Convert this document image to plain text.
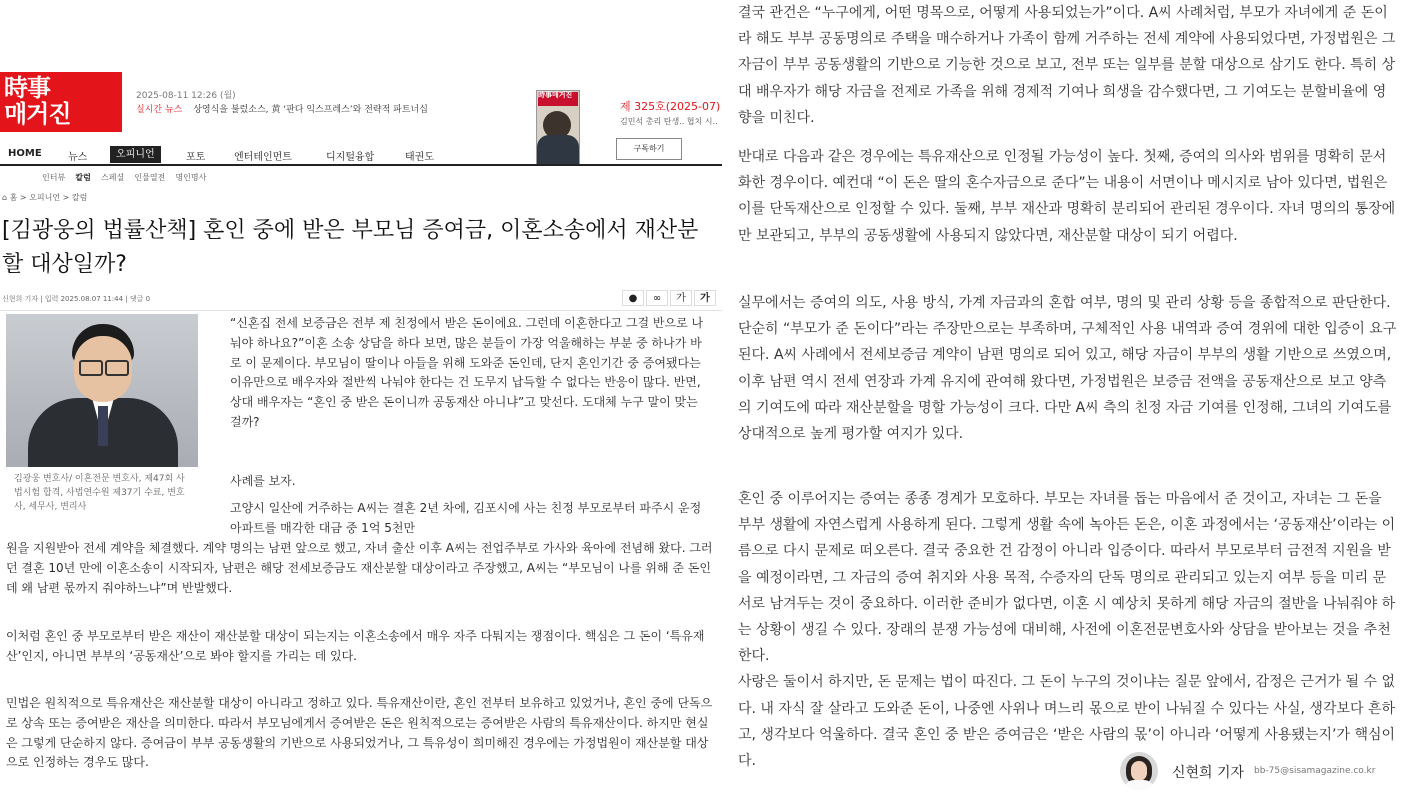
時事
매거진
2025-08-11 12:26 (월)
실시간 뉴스 상영식을 불렀소스, 黄 ‘판다 익스프레스’와 전략적 파트너십
時事매거진
제 325호(2025-07)
김민석 총리 탄생.. 협치 시..
구독하기
HOME	뉴스	오피니언	포토	엔터테인먼트	디지털융합	태권도
인터뷰 칼럼 스페셜 인물열전 명인명사
⌂ 홈 > 오피니언 > 칼럼
[김광웅의 법률산책] 혼인 중에 받은 부모님 증여금, 이혼소송에서 재산분할 대상일까?
신현희 기자 | 입력 2025.08.07 11:44 | 댓글 0	●	∞	가	가
김광웅 변호사/ 이혼전문 변호사, 제47회 사법시험 합격, 사법연수원 제37기 수료, 변호사, 세무사, 변리사

“신혼집 전세 보증금은 전부 제 친정에서 받은 돈이에요. 그런데 이혼한다고 그걸 반으로 나눠야 하나요?”이혼 소송 상담을 하다 보면, 많은 분들이 가장 억울해하는 부분 중 하나가 바로 이 문제이다. 부모님이 딸이나 아들을 위해 도와준 돈인데, 단지 혼인기간 중 증여됐다는 이유만으로 배우자와 절반씩 나눠야 한다는 건 도무지 납득할 수 없다는 반응이 많다. 반면, 상대 배우자는 “혼인 중 받은 돈이니까 공동재산 아니냐”고 맞선다. 도대체 누구 말이 맞는 걸까?

사례를 보자.

고양시 일산에 거주하는 A씨는 결혼 2년 차에, 김포시에 사는 친정 부모로부터 파주시 운정 아파트를 매각한 대금 중 1억 5천만

원을 지원받아 전세 계약을 체결했다. 계약 명의는 남편 앞으로 했고, 자녀 출산 이후 A씨는 전업주부로 가사와 육아에 전념해 왔다. 그러던 결혼 10년 만에 이혼소송이 시작되자, 남편은 해당 전세보증금도 재산분할 대상이라고 주장했고, A씨는 “부모님이 나를 위해 준 돈인데 왜 남편 몫까지 줘야하느냐”며 반발했다.

이처럼 혼인 중 부모로부터 받은 재산이 재산분할 대상이 되는지는 이혼소송에서 매우 자주 다퉈지는 쟁점이다. 핵심은 그 돈이 ‘특유재산’인지, 아니면 부부의 ‘공동재산’으로 봐야 할지를 가리는 데 있다.

민법은 원칙적으로 특유재산은 재산분할 대상이 아니라고 정하고 있다. 특유재산이란, 혼인 전부터 보유하고 있었거나, 혼인 중에 단독으로 상속 또는 증여받은 재산을 의미한다. 따라서 부모님에게서 증여받은 돈은 원칙적으로는 증여받은 사람의 특유재산이다. 하지만 현실은 그렇게 단순하지 않다. 증여금이 부부 공동생활의 기반으로 사용되었거나, 그 특유성이 희미해진 경우에는 가정법원이 재산분할 대상으로 인정하는 경우도 많다.

결국 관건은 “누구에게, 어떤 명목으로, 어떻게 사용되었는가”이다. A씨 사례처럼, 부모가 자녀에게 준 돈이라 해도 부부 공동명의로 주택을 매수하거나 가족이 함께 거주하는 전세 계약에 사용되었다면, 가정법원은 그 자금이 부부 공동생활의 기반으로 기능한 것으로 보고, 전부 또는 일부를 분할 대상으로 삼기도 한다. 특히 상대 배우자가 해당 자금을 전제로 가족을 위해 경제적 기여나 희생을 감수했다면, 그 기여도는 분할비율에 영향을 미친다.

반대로 다음과 같은 경우에는 특유재산으로 인정될 가능성이 높다. 첫째, 증여의 의사와 범위를 명확히 문서화한 경우이다. 예컨대 “이 돈은 딸의 혼수자금으로 준다”는 내용이 서면이나 메시지로 남아 있다면, 법원은 이를 단독재산으로 인정할 수 있다. 둘째, 부부 재산과 명확히 분리되어 관리된 경우이다. 자녀 명의의 통장에만 보관되고, 부부의 공동생활에 사용되지 않았다면, 재산분할 대상이 되기 어렵다.

실무에서는 증여의 의도, 사용 방식, 가계 자금과의 혼합 여부, 명의 및 관리 상황 등을 종합적으로 판단한다. 단순히 “부모가 준 돈이다”라는 주장만으로는 부족하며, 구체적인 사용 내역과 증여 경위에 대한 입증이 요구된다. A씨 사례에서 전세보증금 계약이 남편 명의로 되어 있고, 해당 자금이 부부의 생활 기반으로 쓰였으며, 이후 남편 역시 전세 연장과 가계 유지에 관여해 왔다면, 가정법원은 보증금 전액을 공동재산으로 보고 양측의 기여도에 따라 재산분할을 명할 가능성이 크다. 다만 A씨 측의 친정 자금 기여를 인정해, 그녀의 기여도를 상대적으로 높게 평가할 여지가 있다.

혼인 중 이루어지는 증여는 종종 경계가 모호하다. 부모는 자녀를 돕는 마음에서 준 것이고, 자녀는 그 돈을 부부 생활에 자연스럽게 사용하게 된다. 그렇게 생활 속에 녹아든 돈은, 이혼 과정에서는 ‘공동재산’이라는 이름으로 다시 문제로 떠오른다. 결국 중요한 건 감정이 아니라 입증이다. 따라서 부모로부터 금전적 지원을 받을 예정이라면, 그 자금의 증여 취지와 사용 목적, 수증자의 단독 명의로 관리되고 있는지 여부 등을 미리 문서로 남겨두는 것이 중요하다. 이러한 준비가 없다면, 이혼 시 예상치 못하게 해당 자금의 절반을 나눠줘야 하는 상황이 생길 수 있다. 장래의 분쟁 가능성에 대비해, 사전에 이혼전문변호사와 상담을 받아보는 것을 추천한다.
사랑은 둘이서 하지만, 돈 문제는 법이 따진다. 그 돈이 누구의 것이냐는 질문 앞에서, 감정은 근거가 될 수 없다. 내 자식 잘 살라고 도와준 돈이, 나중엔 사위나 며느리 몫으로 반이 나눠질 수 있다는 사실, 생각보다 흔하고, 생각보다 억울하다. 결국 혼인 중 받은 증여금은 ‘받은 사람의 몫’이 아니라 ‘어떻게 사용됐는지’가 핵심이다.

신현희 기자 bb-75@sisamagazine.co.kr
